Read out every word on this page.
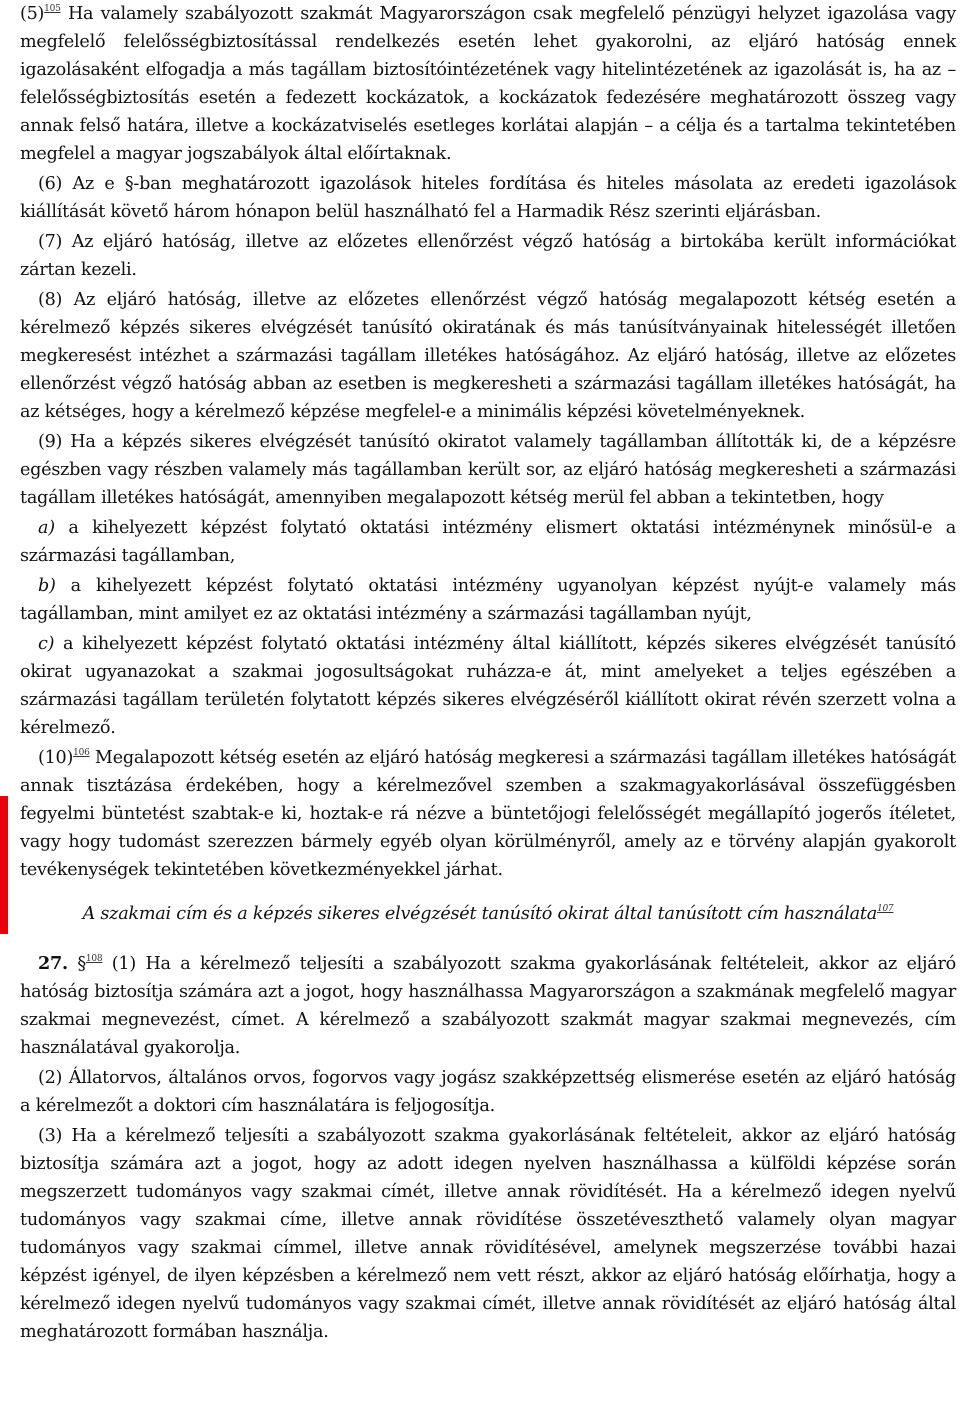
$(5)^{105}$ Ha valamely szabályozott szakmát Magyarországon csak megfelelő pénzügyi helyzet igazolása vagy megfelelő felelősségbiztosítással rendelkezés esetén lehet gyakorolni, az eljáró hatóság ennek igazolásaként elfogadja a más tagállam biztosítóintézetének vagy hitelintézetének az igazolását is, ha az – felelősségbiztosítás esetén a fedezett kockázatok, a kockázatok fedezésére meghatározott összeg vagy annak felső határa, illetve a kockázatviselés esetleges korlátai alapján – a célja és a tartalma tekintetében megfelel a magyar jogszabályok által előírtaknak.

(6) Az e §-ban meghatározott igazolások hiteles fordítása és hiteles másolata az eredeti igazolások kiállítását követő három hónapon belül használható fel a Harmadik Rész szerinti eljárásban.

(7) Az eljáró hatóság, illetve az előzetes ellenőrzést végző hatóság a birtokába került információkat zártan kezeli.

(8) Az eljáró hatóság, illetve az előzetes ellenőrzést végző hatóság megalapozott kétség esetén a kérelmező képzés sikeres elvégzését tanúsító okiratának és más tanúsítványainak hitelességét illetően megkeresést intézhet a származási tagállam illetékes hatóságához. Az eljáró hatóság, illetve az előzetes ellenőrzést végző hatóság abban az esetben is megkeresheti a származási tagállam illetékes hatóságát, ha az kétséges, hogy a kérelmező képzése megfelel-e a minimális képzési követelményeknek.

(9) Ha a képzés sikeres elvégzését tanúsító okiratot valamely tagállamban állították ki, de a képzésre egészben vagy részben valamely más tagállamban került sor, az eljáró hatóság megkeresheti a származási tagállam illetékes hatóságát, amennyiben megalapozott kétség merül fel abban a tekintetben, hogy

a) a kihelyezett képzést folytató oktatási intézmény elismert oktatási intézménynek minősül-e a származási tagállamban,

b) a kihelyezett képzést folytató oktatási intézmény ugyanolyan képzést nyújt-e valamely más tagállamban, mint amilyet ez az oktatási intézmény a származási tagállamban nyújt,

c) a kihelyezett képzést folytató oktatási intézmény által kiállított, képzés sikeres elvégzését tanúsító okirat ugyanazokat a szakmai jogosultságokat ruházza-e át, mint amelyeket a teljes egészében a származási tagállam területén folytatott képzés sikeres elvégzéséről kiállított okirat révén szerzett volna a kérelmező.

$(10)^{106}$ Megalapozott kétség esetén az eljáró hatóság megkeresi a származási tagállam illetékes hatóságát annak tisztázása érdekében, hogy a kérelmezővel szemben a szakmagyakorlásával összefüggésben fegyelmi büntetést szabtak-e ki, hoztak-e rá nézve a büntetőjogi felelősségét megállapító jogerős ítéletet, vagy hogy tudomást szerezzen bármely egyéb olyan körülményről, amely az e törvény alapján gyakorolt tevékenységek tekintetében következményekkel járhat.

A szakmai cím és a képzés sikeres elvégzését tanúsító okirat által tanúsított cím használata$^{107}$

27. §$^{108}$ (1) Ha a kérelmező teljesíti a szabályozott szakma gyakorlásának feltételeit, akkor az eljáró hatóság biztosítja számára azt a jogot, hogy használhassa Magyarországon a szakmának megfelelő magyar szakmai megnevezést, címet. A kérelmező a szabályozott szakmát magyar szakmai megnevezés, cím használatával gyakorolja.

(2) Állatorvos, általános orvos, fogorvos vagy jogász szakképzettség elismerése esetén az eljáró hatóság a kérelmezőt a doktori cím használatára is feljogosítja.

(3) Ha a kérelmező teljesíti a szabályozott szakma gyakorlásának feltételeit, akkor az eljáró hatóság biztosítja számára azt a jogot, hogy az adott idegen nyelven használhassa a külföldi képzése során megszerzett tudományos vagy szakmai címét, illetve annak rövidítését. Ha a kérelmező idegen nyelvű tudományos vagy szakmai címe, illetve annak rövidítése összetéveszthető valamely olyan magyar tudományos vagy szakmai címmel, illetve annak rövidítésével, amelynek megszerzése további hazai képzést igényel, de ilyen képzésben a kérelmező nem vett részt, akkor az eljáró hatóság előírhatja, hogy a kérelmező idegen nyelvű tudományos vagy szakmai címét, illetve annak rövidítését az eljáró hatóság által meghatározott formában használja.
